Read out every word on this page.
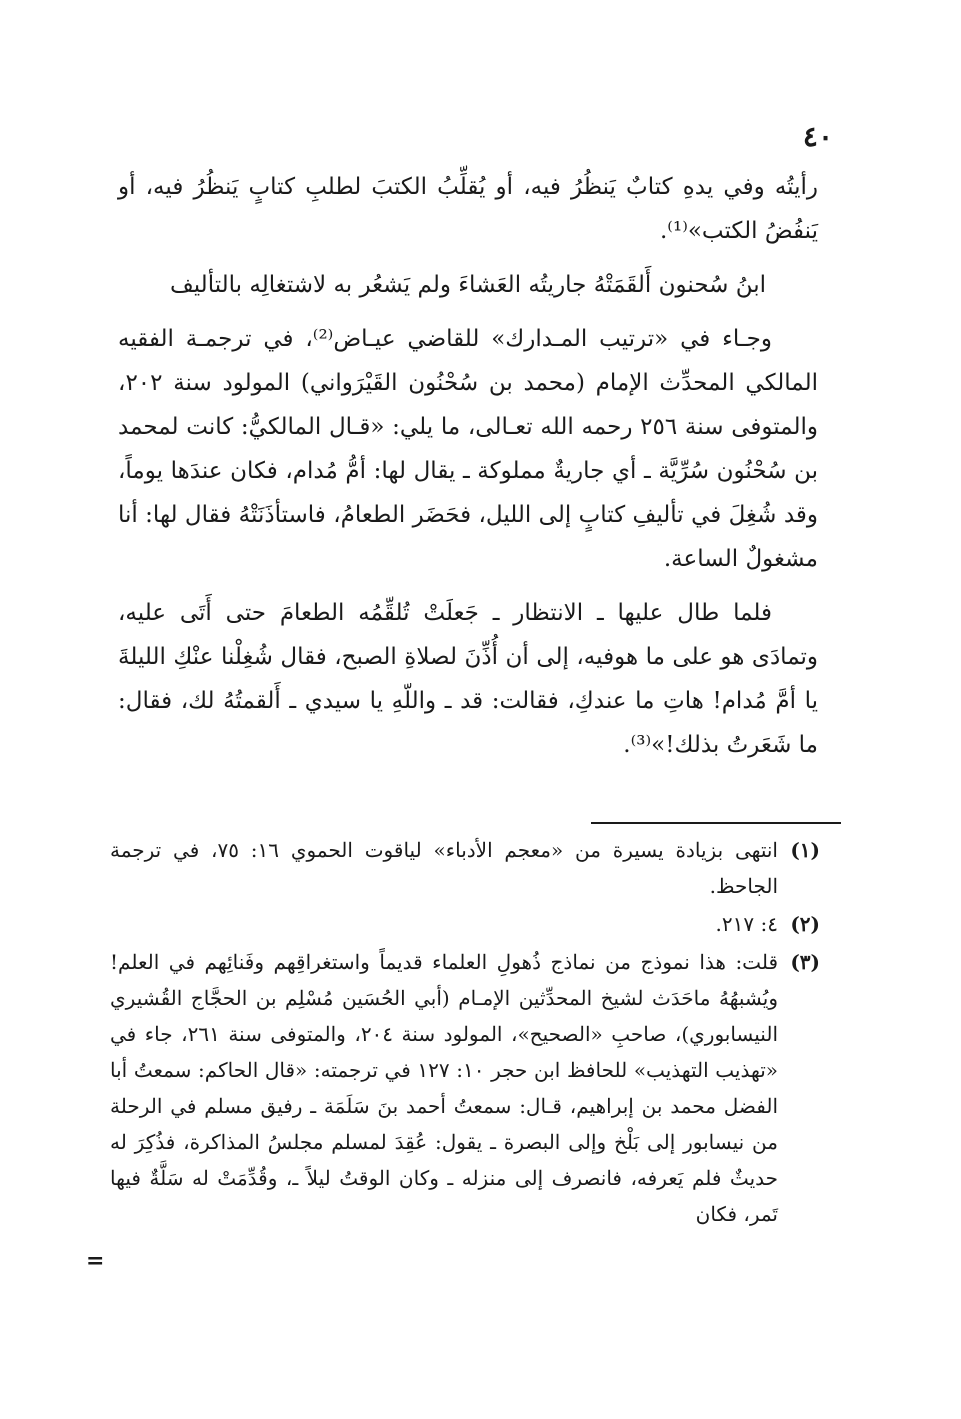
٤٠

رأيتُه وفي يدهِ كتابٌ يَنظُرُ فيه، أو يُقلِّبُ الكتبَ لطلبِ كتابٍ يَنظُرُ فيه، أو يَنفُضُ الكتب»⁽¹⁾.

ابنُ سُحنون أَلقَمَتْهُ جاريتُه العَشاءَ ولم يَشعُر به لاشتغالِه بالتأليف

وجـاء في «ترتيب المـدارك» للقاضي عيـاض⁽²⁾، في ترجمـة الفقيه المالكي المحدِّث الإمام (محمد بن سُحْنُون القَيْرَواني) المولود سنة ٢٠٢، والمتوفى سنة ٢٥٦ رحمه الله تعـالى، ما يلي: «قـال المالكيُّ: كانت لمحمد بن سُحْنُون سُرِّيَّة ـ أي جاريةٌ مملوكة ـ يقال لها: أمُّ مُدام، فكان عندَها يوماً، وقد شُغِلَ في تأليفِ كتابٍ إلى الليل، فحَضَر الطعامُ، فاستأذَنَتْهُ فقال لها: أنا مشغولٌ الساعة.

فلما طال عليها ـ الانتظار ـ جَعلَتْ تُلقِّمُه الطعامَ حتى أَتَى عليه، وتمادَى هو على ما هوفيه، إلى أن أُذِّنَ لصلاةِ الصبح، فقال شُغِلْنا عنْكِ الليلةَ يا أمَّ مُدام! هاتِ ما عندكِ، فقالت: قد ـ واللّهِ يا سيدي ـ أَلقمتُهُ لك، فقال: ما شَعَرتُ بذلك!»⁽³⁾.

(١)
انتهى بزيادة يسيرة من «معجم الأدباء» لياقوت الحموي ١٦: ٧٥، في ترجمة الجاحظ.
(٢)
٤: ٢١٧.
(٣)
قلت: هذا نموذج من نماذج ذُهولِ العلماء قديماً واستغراقِهم وفَنائِهم في العلم! ويُشبهُهُ ماحَدَث لشيخ المحدِّثين الإمـام (أبي الحُسَين مُسْلِم بن الحجَّاج القُشيري النيسابوري)، صاحبِ «الصحيح»، المولود سنة ٢٠٤، والمتوفى سنة ٢٦١، جاء في «تهذيب التهذيب» للحافظ ابن حجر ١٠: ١٢٧ في ترجمته: «قال الحاكم: سمعتُ أبا الفضل محمد بن إبراهيم، قـال: سمعتُ أحمد بنَ سَلَمَة ـ رفيق مسلم في الرحلة من نيسابور إلى بَلْخ وإلى البصرة ـ يقول: عُقِدَ لمسلم مجلسُ المذاكرة، فذُكِرَ له حديثٌ فلم يَعرفه، فانصرف إلى منزله ـ وكان الوقتُ ليلاً ـ، وقُدِّمَتْ له سَلَّةٌ فيها تَمر، فكان
=
